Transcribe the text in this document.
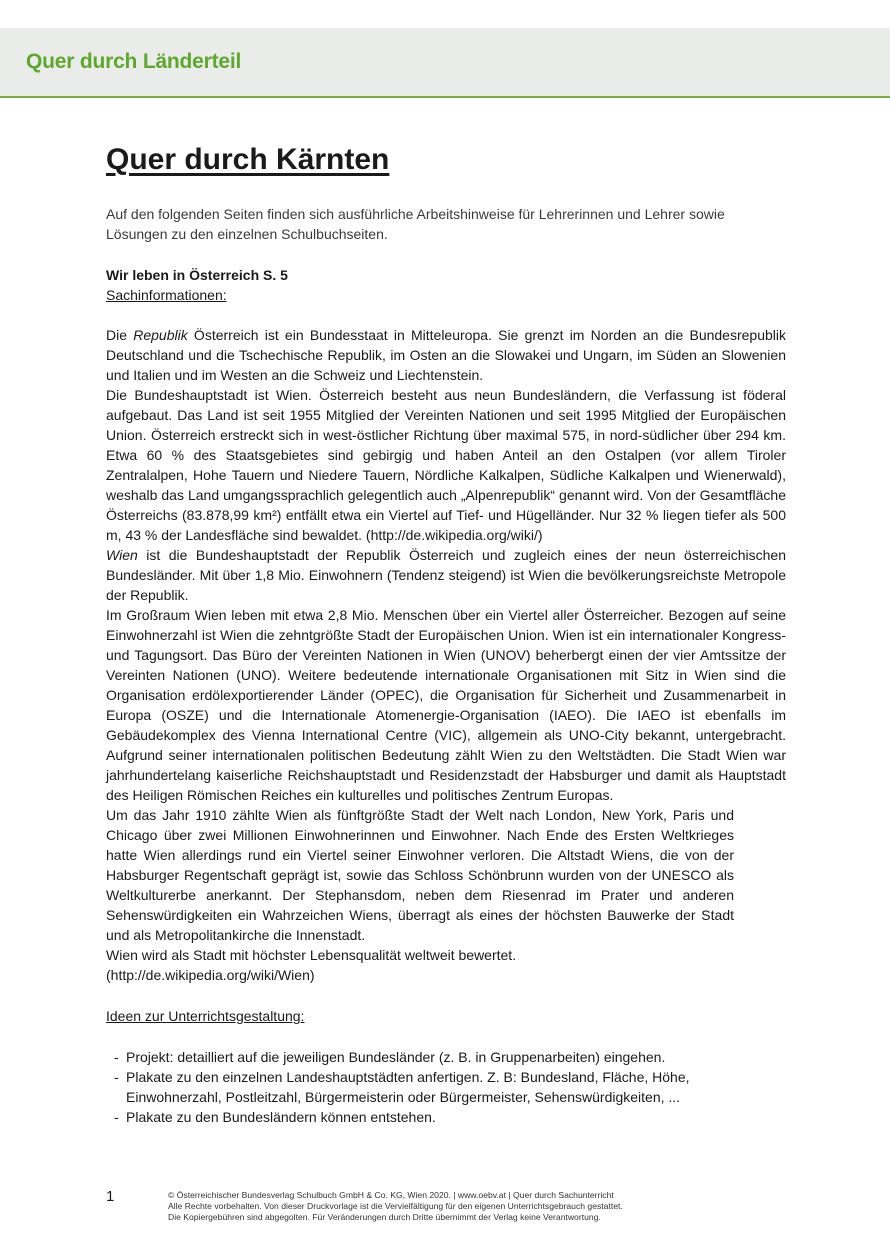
Quer durch Länderteil
Quer durch Kärnten
Auf den folgenden Seiten finden sich ausführliche Arbeitshinweise für Lehrerinnen und Lehrer sowie Lösungen zu den einzelnen Schulbuchseiten.
Wir leben in Österreich S. 5
Sachinformationen:

Die Republik Österreich ist ein Bundesstaat in Mitteleuropa. Sie grenzt im Norden an die Bundesrepublik Deutschland und die Tschechische Republik, im Osten an die Slowakei und Ungarn, im Süden an Slowenien und Italien und im Westen an die Schweiz und Liechtenstein.

Die Bundeshauptstadt ist Wien. Österreich besteht aus neun Bundesländern, die Verfassung ist föderal aufgebaut. Das Land ist seit 1955 Mitglied der Vereinten Nationen und seit 1995 Mitglied der Europäischen Union. Österreich erstreckt sich in west-östlicher Richtung über maximal 575, in nord-südlicher über 294 km. Etwa 60 % des Staatsgebietes sind gebirgig und haben Anteil an den Ostalpen (vor allem Tiroler Zentralalpen, Hohe Tauern und Niedere Tauern, Nördliche Kalkalpen, Südliche Kalkalpen und Wienerwald), weshalb das Land umgangssprachlich gelegentlich auch „Alpenrepublik“ genannt wird. Von der Gesamtfläche Österreichs (83.878,99 km²) entfällt etwa ein Viertel auf Tief- und Hügelländer. Nur 32 % liegen tiefer als 500 m, 43 % der Landesfläche sind bewaldet. (http://de.wikipedia.org/wiki/)

Wien ist die Bundeshauptstadt der Republik Österreich und zugleich eines der neun österreichischen Bundesländer. Mit über 1,8 Mio. Einwohnern (Tendenz steigend) ist Wien die bevölkerungsreichste Metropole der Republik.

Im Großraum Wien leben mit etwa 2,8 Mio. Menschen über ein Viertel aller Österreicher. Bezogen auf seine Einwohnerzahl ist Wien die zehntgrößte Stadt der Europäischen Union. Wien ist ein internationaler Kongress- und Tagungsort. Das Büro der Vereinten Nationen in Wien (UNOV) beherbergt einen der vier Amtssitze der Vereinten Nationen (UNO). Weitere bedeutende internationale Organisationen mit Sitz in Wien sind die Organisation erdölexportierender Länder (OPEC), die Organisation für Sicherheit und Zusammenarbeit in Europa (OSZE) und die Internationale Atomenergie-Organisation (IAEO). Die IAEO ist ebenfalls im Gebäudekomplex des Vienna International Centre (VIC), allgemein als UNO-City bekannt, untergebracht. Aufgrund seiner internationalen politischen Bedeutung zählt Wien zu den Weltstädten. Die Stadt Wien war jahrhundertelang kaiserliche Reichshauptstadt und Residenzstadt der Habsburger und damit als Hauptstadt des Heiligen Römischen Reiches ein kulturelles und politisches Zentrum Europas.

Um das Jahr 1910 zählte Wien als fünftgrößte Stadt der Welt nach London, New York, Paris und Chicago über zwei Millionen Einwohnerinnen und Einwohner. Nach Ende des Ersten Weltkrieges hatte Wien allerdings rund ein Viertel seiner Einwohner verloren. Die Altstadt Wiens, die von der Habsburger Regentschaft geprägt ist, sowie das Schloss Schönbrunn wurden von der UNESCO als Weltkulturerbe anerkannt. Der Stephansdom, neben dem Riesenrad im Prater und anderen Sehenswürdigkeiten ein Wahrzeichen Wiens, überragt als eines der höchsten Bauwerke der Stadt und als Metropolitankirche die Innenstadt.

Wien wird als Stadt mit höchster Lebensqualität weltweit bewertet.

(http://de.wikipedia.org/wiki/Wien)

Ideen zur Unterrichtsgestaltung:
- Projekt: detailliert auf die jeweiligen Bundesländer (z. B. in Gruppenarbeiten) eingehen.
- Plakate zu den einzelnen Landeshauptstädten anfertigen. Z. B: Bundesland, Fläche, Höhe, Einwohnerzahl, Postleitzahl, Bürgermeisterin oder Bürgermeister, Sehenswürdigkeiten, ...
- Plakate zu den Bundesländern können entstehen.
1	© Österreichischer Bundesverlag Schulbuch GmbH & Co. KG, Wien 2020. | www.oebv.at | Quer durch Sachunterricht
Alle Rechte vorbehalten. Von dieser Druckvorlage ist die Vervielfältigung für den eigenen Unterrichtsgebrauch gestattet.
Die Kopiergebühren sind abgegolten. Für Veränderungen durch Dritte übernimmt der Verlag keine Verantwortung.
